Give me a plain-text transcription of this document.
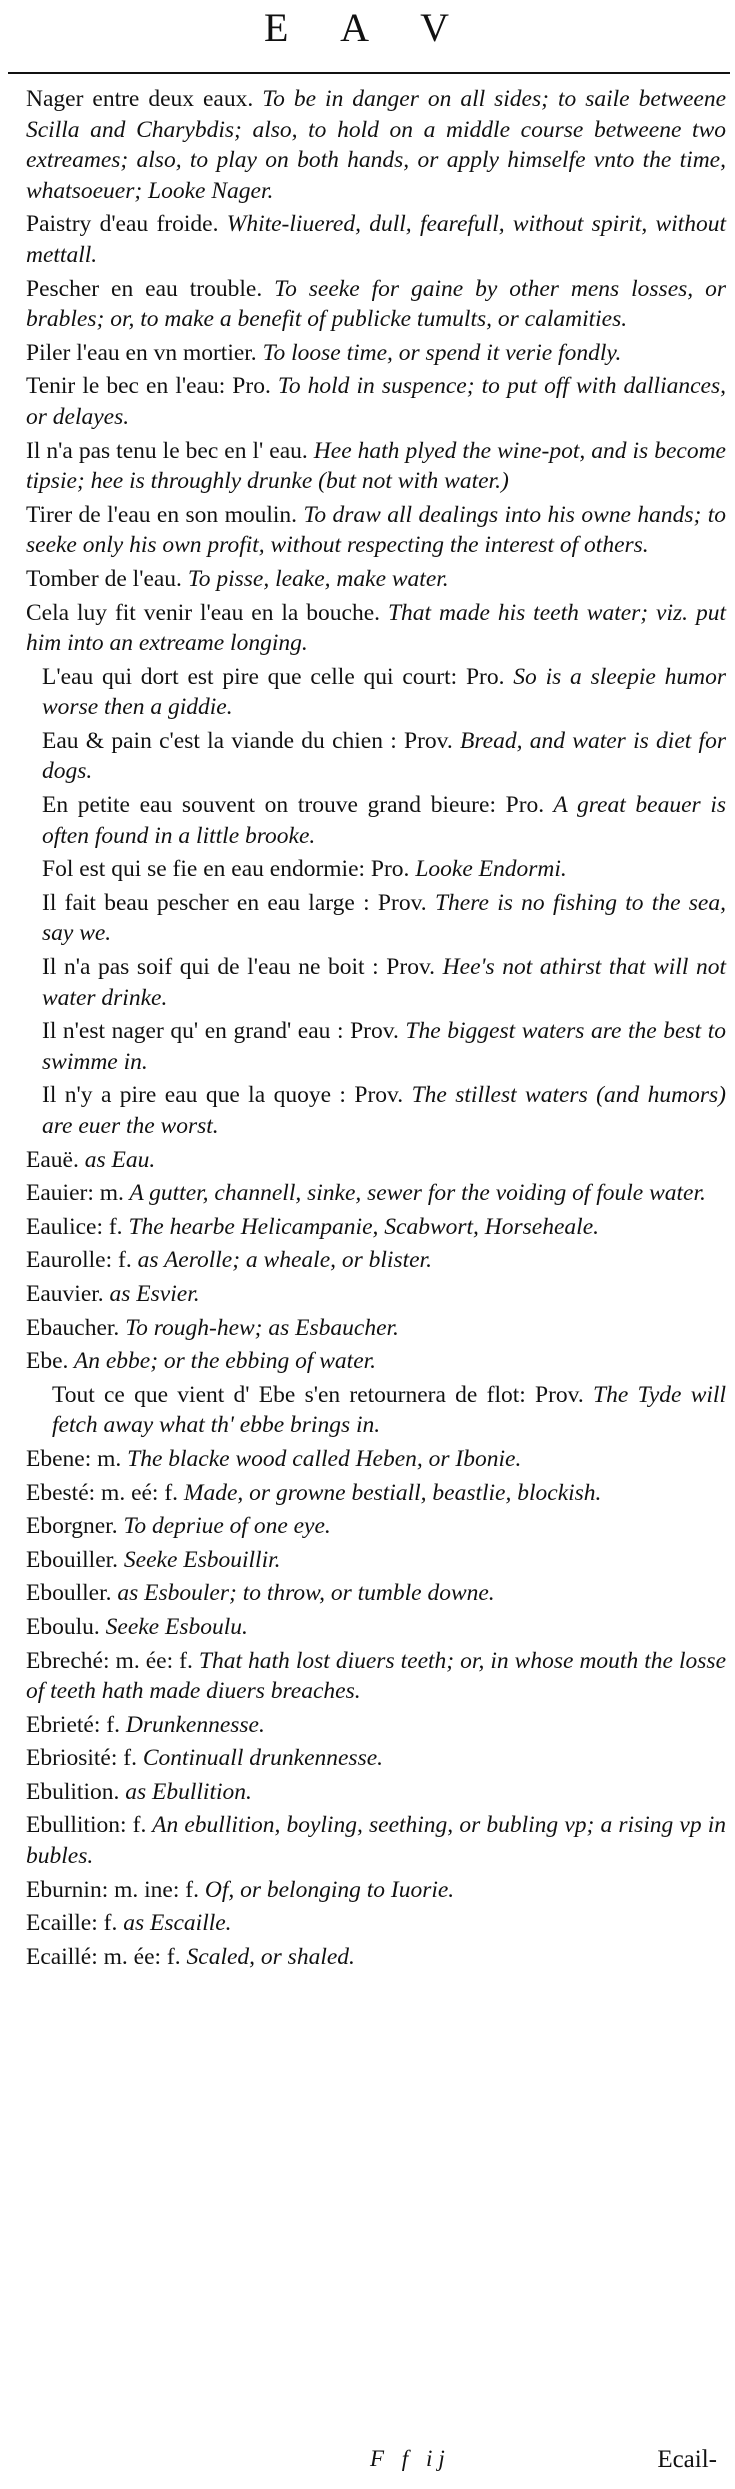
E A V

Nager entre deux eaux. To be in danger on all sides; to saile betweene Scilla and Charybdis; also, to hold on a middle course betweene two extreames; also, to play on both hands, or apply himselfe vnto the time, whatsoeuer; Looke Nager.

Paistry d'eau froide. White-liuered, dull, fearefull, without spirit, without mettall.

Pescher en eau trouble. To seeke for gaine by other mens losses, or brables; or, to make a benefit of publicke tumults, or calamities.

Piler l'eau en vn mortier. To loose time, or spend it verie fondly.

Tenir le bec en l'eau: Pro. To hold in suspence; to put off with dalliances, or delayes.

Il n'a pas tenu le bec en l' eau. Hee hath plyed the wine-pot, and is become tipsie; hee is throughly drunke (but not with water.)

Tirer de l'eau en son moulin. To draw all dealings into his owne hands; to seeke only his own profit, without respecting the interest of others.

Tomber de l'eau. To pisse, leake, make water.

Cela luy fit venir l'eau en la bouche. That made his teeth water; viz. put him into an extreame longing.

L'eau qui dort est pire que celle qui court: Pro. So is a sleepie humor worse then a giddie.

Eau & pain c'est la viande du chien : Prov. Bread, and water is diet for dogs.

En petite eau souvent on trouve grand bieure: Pro. A great beauer is often found in a little brooke.

Fol est qui se fie en eau endormie: Pro. Looke Endormi.

Il fait beau pescher en eau large : Prov. There is no fishing to the sea, say we.

Il n'a pas soif qui de l'eau ne boit : Prov. Hee's not athirst that will not water drinke.

Il n'est nager qu' en grand' eau : Prov. The biggest waters are the best to swimme in.

Il n'y a pire eau que la quoye : Prov. The stillest waters (and humors) are euer the worst.

Eauë. as Eau.

Eauier: m. A gutter, channell, sinke, sewer for the voiding of foule water.

Eaulice: f. The hearbe Helicampanie, Scabwort, Horseheale.

Eaurolle: f. as Aerolle; a wheale, or blister.

Eauvier. as Esvier.

Ebaucher. To rough-hew; as Esbaucher.

Ebe. An ebbe; or the ebbing of water.

Tout ce que vient d' Ebe s'en retournera de flot: Prov. The Tyde will fetch away what th' ebbe brings in.

Ebene: m. The blacke wood called Heben, or Ibonie.

Ebesté: m. eé: f. Made, or growne bestiall, beastlie, blockish.

Eborgner. To depriue of one eye.

Ebouiller. Seeke Esbouillir.

Ebouller. as Esbouler; to throw, or tumble downe.

Eboulu. Seeke Esboulu.

Ebreché: m. ée: f. That hath lost diuers teeth; or, in whose mouth the losse of teeth hath made diuers breaches.

Ebrieté: f. Drunkennesse.

Ebriosité: f. Continuall drunkennesse.

Ebulition. as Ebullition.

Ebullition: f. An ebullition, boyling, seething, or bubling vp; a rising vp in bubles.

Eburnin: m. ine: f. Of, or belonging to Iuorie.

Ecaille: f. as Escaille.

Ecaillé: m. ée: f. Scaled, or shaled.

F f ij	Ecail-
